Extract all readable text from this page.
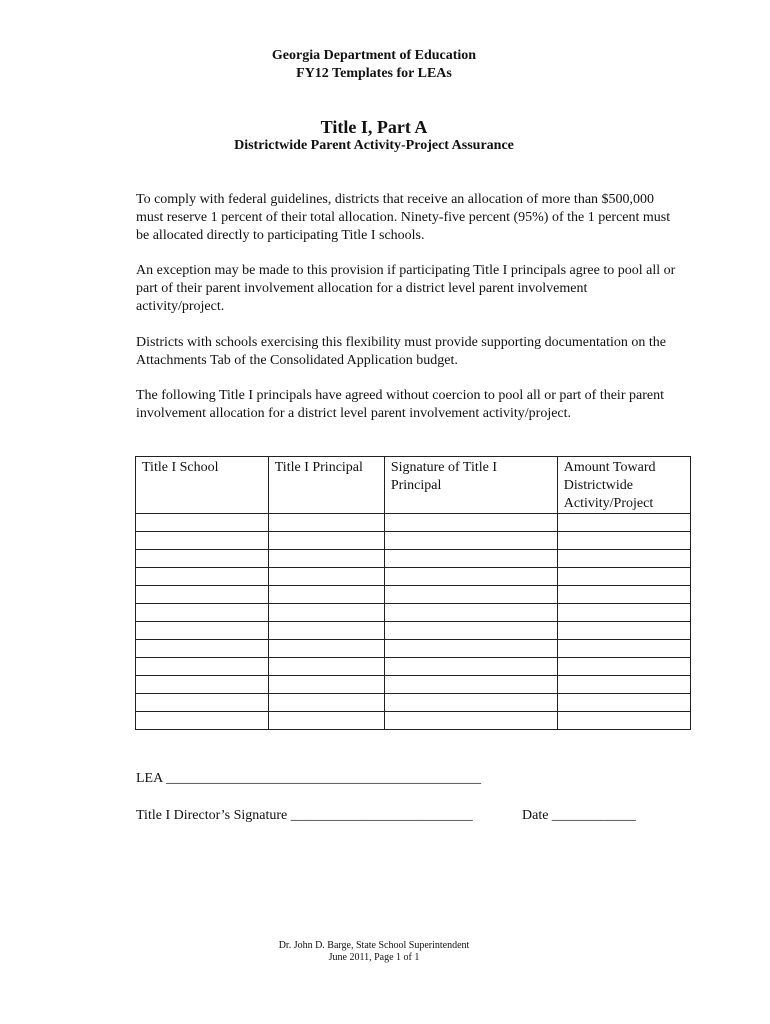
Georgia Department of Education
FY12 Templates for LEAs
Title I, Part A
Districtwide Parent Activity-Project Assurance

To comply with federal guidelines, districts that receive an allocation of more than $500,000 must reserve 1 percent of their total allocation. Ninety-five percent (95%) of the 1 percent must be allocated directly to participating Title I schools.

An exception may be made to this provision if participating Title I principals agree to pool all or part of their parent involvement allocation for a district level parent involvement activity/project.

Districts with schools exercising this flexibility must provide supporting documentation on the Attachments Tab of the Consolidated Application budget.

The following Title I principals have agreed without coercion to pool all or part of their parent involvement allocation for a district level parent involvement activity/project.

Title I School	Title I Principal	Signature of Title I Principal	Amount Toward Districtwide Activity/Project

LEA _____________________________________________
Title I Director’s Signature __________________________	Date ____________
Dr. John D. Barge, State School Superintendent
June 2011, Page 1 of 1
